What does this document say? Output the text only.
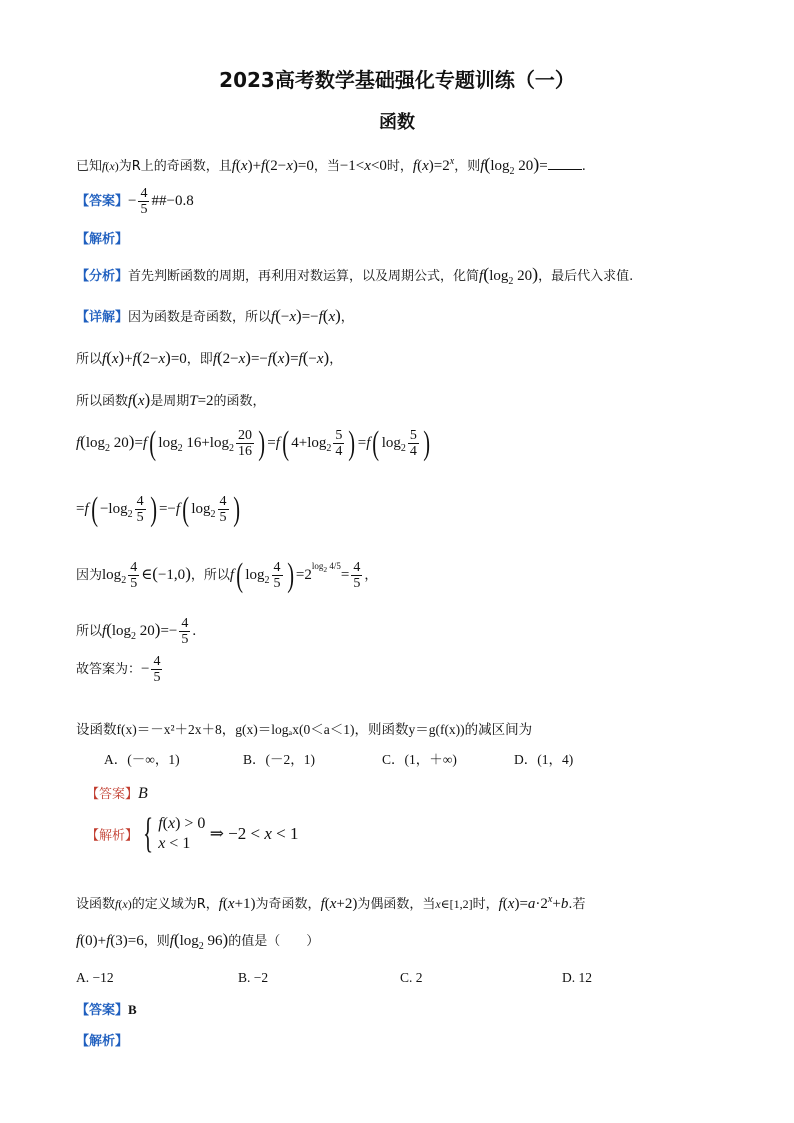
2023高考数学基础强化专题训练（一）
函数
已知f(x)为R上的奇函数，且f(x)+f(2−x)=0，当−1<x<0时，$f(x)=2^x$，则$f(\log_2$ 20)=	.
【答案】− $\frac{4}{5}$ ##−0.8
【解析】
【分析】首先判断函数的周期，再利用对数运算，以及周期公式，化简$f(\log_2$ 20)，最后代入求值.
【详解】因为函数是奇函数，所以f(−x)=−f(x)，
所以f(x)+f(2−x)=0，即f(2−x)=−f(x)=f(−x)，
所以函数f(x)是周期T=2的函数，
$f(\log_2$ 20)=f( $\log_2 16+\log_2 \frac{20}{16}$ ) =f( $4+\log_2 \frac{5}{4}$ ) =f( $\log_2 \frac{5}{4}$ )
$=f( -\log_2 \frac{4}{5}$ ) =−f( $\log_2 \frac{4}{5}$ )
因为$\log_2 \frac{4}{5}$ ∈(−1,0)，所以f( $\log_2 \frac{4}{5}$ ) $=2^{log_2 4/5}= \frac{4}{5}$ ，
所以$f(\log_2$ $20)=- \frac{4}{5}$ .
故答案为：− $\frac{4}{5}$
设函数f(x)＝－x²＋2x＋8，g(x)＝logₐx(0＜a＜1)，则函数y＝g(f(x))的减区间为
A．(－∞，1)	B．(－2，1)	C．(1，＋∞)	D．(1，4)
【答案】B
【解析】 { f(x) > 0
x < 1
⇒ −2 < x < 1
设函数f(x)的定义域为R，f(x+1)为奇函数，f(x+2)为偶函数，当x∈[1,2]时，$f(x)=a\cdot 2^x+b$.若
f(0)+f(3)=6，则$f(\log_2$ 96)的值是（　　）
A. −12	B. −2	C. 2	D. 12
【答案】B
【解析】
